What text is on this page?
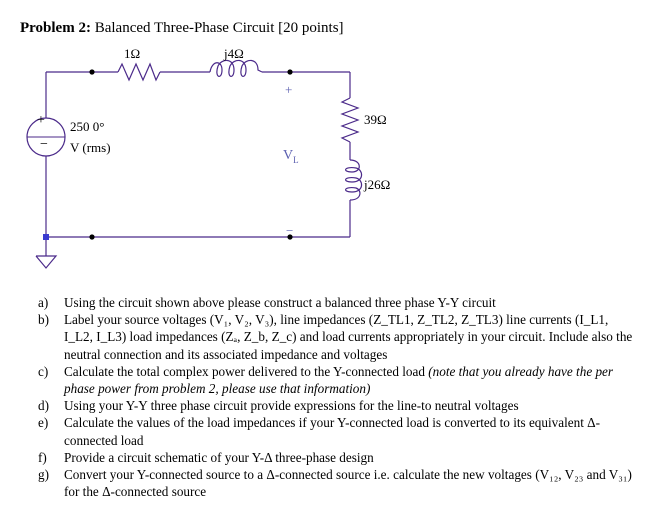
Problem 2: Balanced Three-Phase Circuit [20 points]
1Ω	j4Ω
+
−
250 0°
V (rms)
+
$V_L$
−
39Ω
j26Ω
a) Using the circuit shown above please construct a balanced three phase Y-Y circuit
b) Label your source voltages (V₁, V₂, V₃), line impedances (Z_TL1, Z_TL2, Z_TL3) line currents (I_L1, I_L2, I_L3) load impedances (Zₐ, Z_b, Z_c) and load currents appropriately in your circuit. Include also the neutral connection and its associated impedance and voltages
c) Calculate the total complex power delivered to the Y-connected load (note that you already have the per phase power from problem 2, please use that information)
d) Using your Y-Y three phase circuit provide expressions for the line-to neutral voltages
e) Calculate the values of the load impedances if your Y-connected load is converted to its equivalent Δ-connected load
f) Provide a circuit schematic of your Y-Δ three-phase design
g) Convert your Y-connected source to a Δ-connected source i.e. calculate the new voltages (V₁₂, V₂₃ and V₃₁) for the Δ-connected source
